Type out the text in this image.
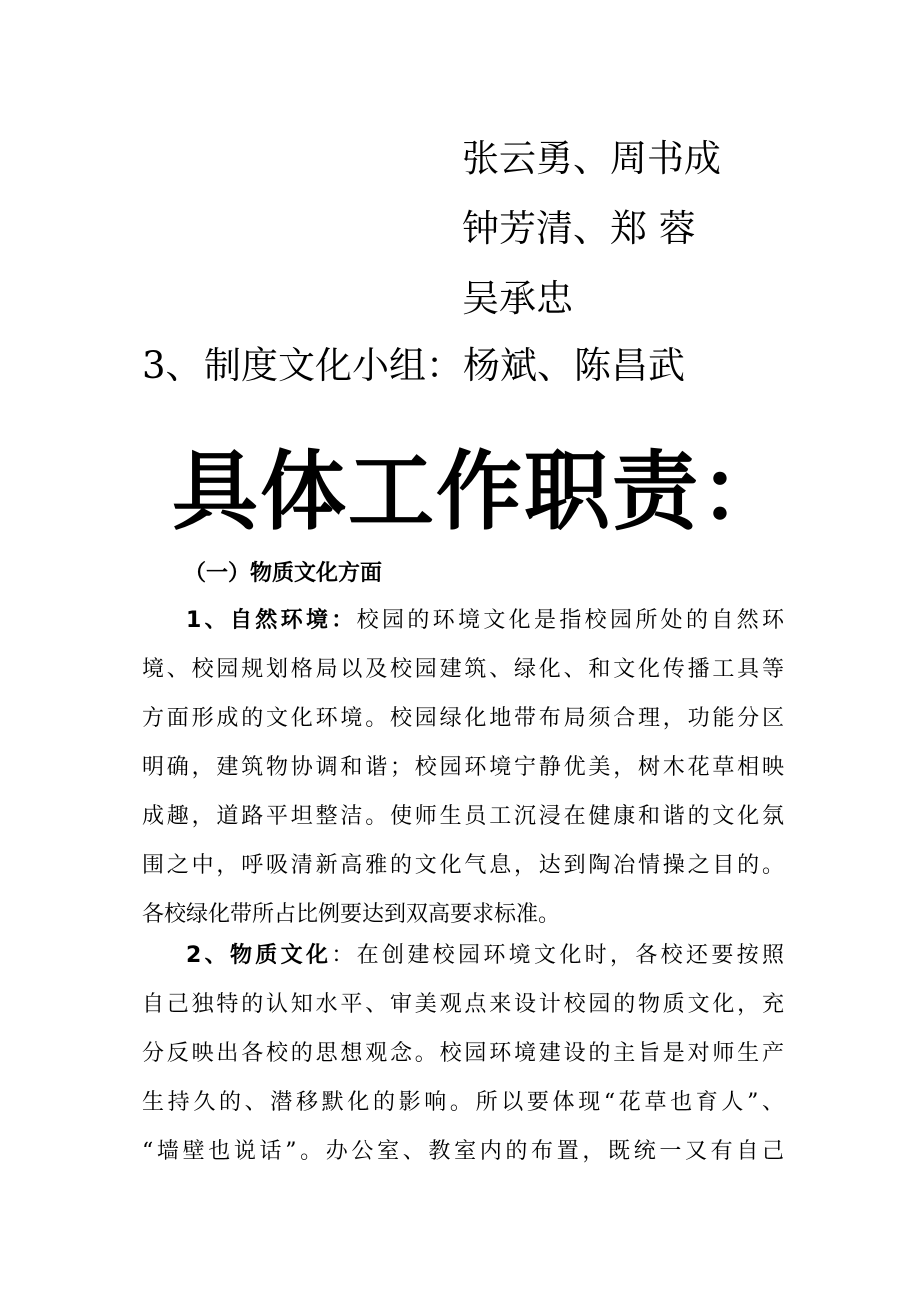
张云勇、周书成
钟芳清、郑 蓉
吴承忠
3、制度文化小组：杨斌、陈昌武
具体工作职责：
（一）物质文化方面
1、自然环境：校园的环境文化是指校园所处的自然环
境、校园规划格局以及校园建筑、绿化、和文化传播工具等
方面形成的文化环境。校园绿化地带布局须合理，功能分区
明确，建筑物协调和谐；校园环境宁静优美，树木花草相映
成趣，道路平坦整洁。使师生员工沉浸在健康和谐的文化氛
围之中，呼吸清新高雅的文化气息，达到陶冶情操之目的。
各校绿化带所占比例要达到双高要求标准。
2、物质文化：在创建校园环境文化时，各校还要按照
自己独特的认知水平、审美观点来设计校园的物质文化，充
分反映出各校的思想观念。校园环境建设的主旨是对师生产
生持久的、潜移默化的影响。所以要体现“花草也育人”、
“墙壁也说话”。办公室、教室内的布置，既统一又有自己
